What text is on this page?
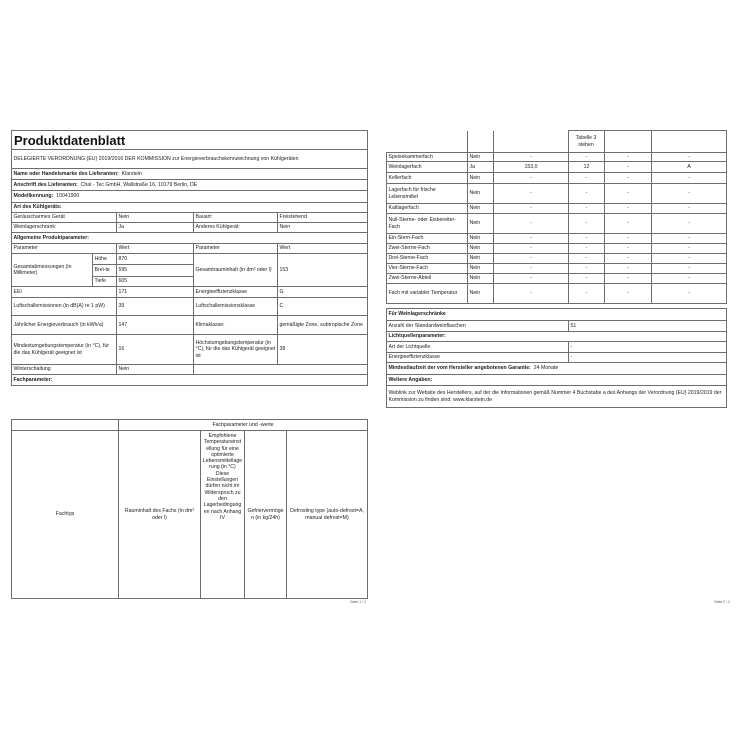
Produktdatenblatt				
DELEGIERTE VERORDNUNG (EU) 2019/2016 DER KOMMISSION zur Energieverbrauchskennzeichnung von Kühlgeräten				
Name oder Handelsmarke des Lieferanten: Klarstein				
Anschrift des Lieferanten: Chal - Tec GmbH, Wallstraße 16, 10179 Berlin, DE				
Modellkennung: 10041900				
Art des Kühlgeräts:				
Geräuscharmes Gerät		Nein	Bauart:	Freistehend
Weinlagerschrank:		Ja	Anderes Kühlgerät:	Nein
Allgemeine Produktparameter:				
Parameter		Wert	Parameter	Wert
Gesamtabmessungen (in Millimeter)	Höhe	870	Gesamtrauminhalt (in dm³ oder l)	153
	Brei-te	595		
	Tiefe	605		
EEI		171	Energieeffizienzklasse	G
Luftschallemissionen (in dB(A) re 1 pW)		39	Luftschallemissionsklasse	C
Jährlicher Energieverbrauch (in kWh/a)		147	Klimaklasse:	gemäßigte Zone, subtropische Zone
Mindestumgebungstemperatur (in °C), für die das Kühlgerät geeignet ist		16	Höchstumgebungstemperatur (in °C), für die das Kühlgerät geeignet ist	38
Winterschaltung		Nein		
Fachparameter:				
	Fachparameter und -werte			
Fachtyp	Rauminhalt des Fachs (in dm³ oder l)	Empfohlene Temperatureinstellung für eine optimierte Lebensmittellagerung (in °C) Diese Einstellungen dürfen nicht im Widerspruch zu den Lagerbedingungen nach Anhang IV	Gefriervermögen (in kg/24h)	Defrosting type (auto-defrost=A, manual defrost=M)
Seite 1 / 2
			Tabelle 3 stehen		
Speisekammerfach	Nein	-	-	-	-
Weinlagerfach	Ja	153,0	12	-	A
Kellerfach	Nein	-	-	-	-
Lagerfach für frische Lebensmittel	Nein	-	-	-	-
Kaltlagerfach	Nein	-	-	-	-
Null-Sterne- oder Eisbereiter-Fach	Nein	-	-	-	-
Ein-Stern-Fach	Nein	-	-	-	-
Zwei-Sterne-Fach	Nein	-	-	-	-
Drei-Sterne-Fach	Nein	-	-	-	-
Vier-Sterne-Fach	Nein	-	-	-	-
Zwei-Sterne-Abteil	Nein	-	-	-	-
Fach mit variabler Temperatur	Nein	-	-	-	-
Für Weinlagerschränke	
Anzahl der Standardweinflaschen	51
Lichtquellenparameter:	
Art der Lichtquelle	-
Energieeffizienzklasse	-
Mindestlaufzeit der vom Hersteller angebotenen Garantie: 24 Monate	
Weitere Angaben:	
Weblink zur Website des Herstellers, auf der die Informationen gemäß Nummer 4 Buchstabe a des Anhangs der Verordnung (EU) 2019/2019 der Kommission zu finden sind: www.klarstein.de	
Seite 2 / 2
